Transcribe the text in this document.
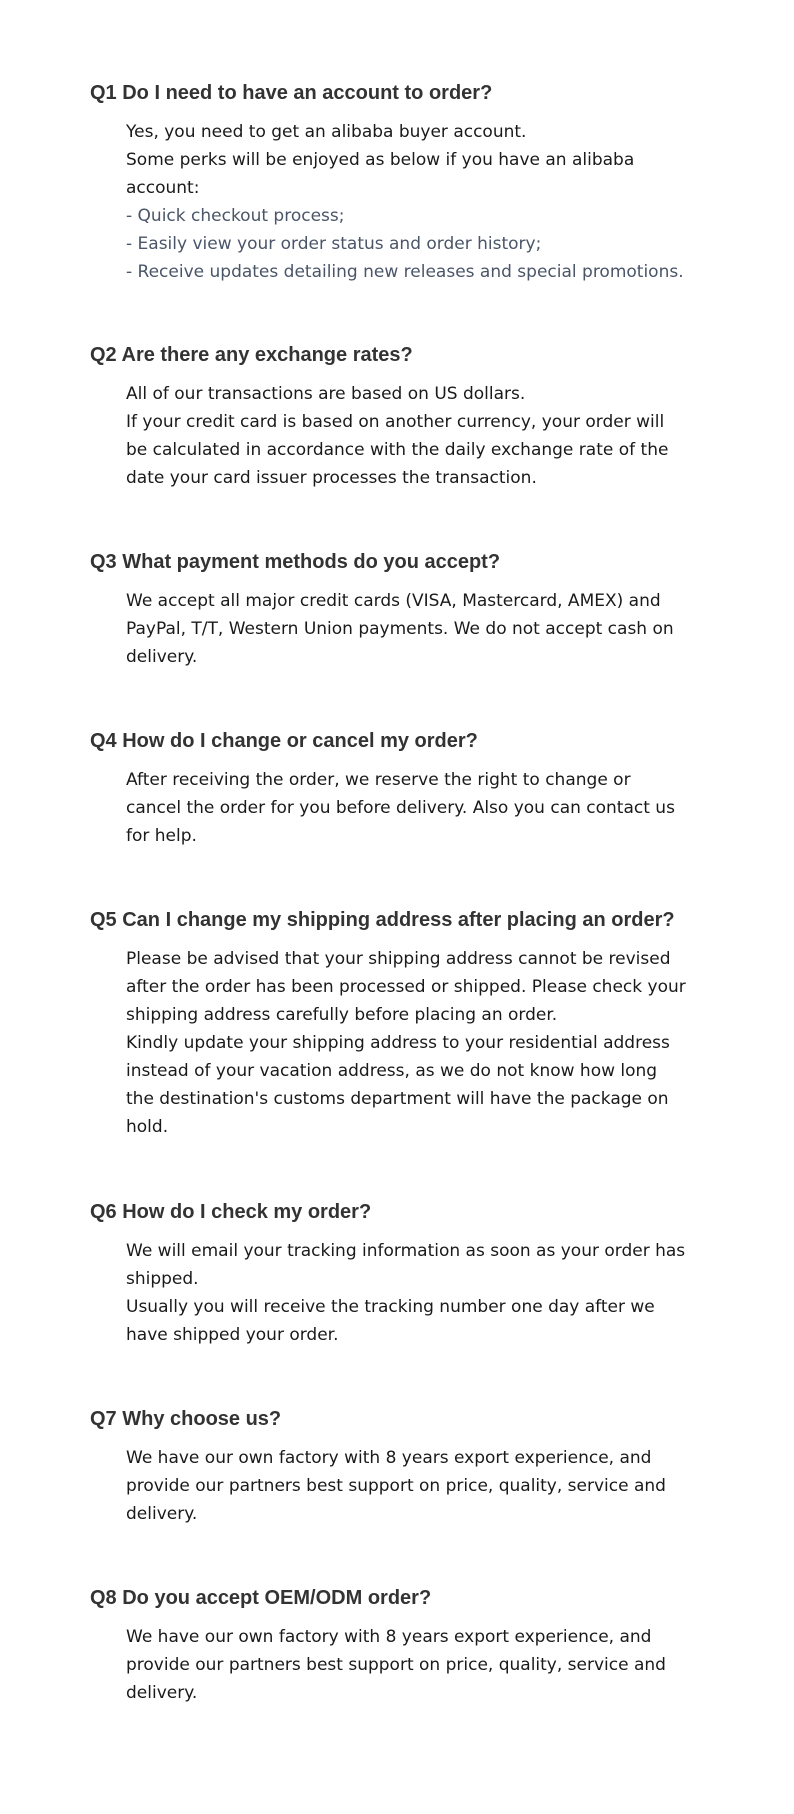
Q1 Do I need to have an account to order?
Yes, you need to get an alibaba buyer account.
Some perks will be enjoyed as below if you have an alibaba
account:
- Quick checkout process;
- Easily view your order status and order history;
- Receive updates detailing new releases and special promotions.
Q2 Are there any exchange rates?
All of our transactions are based on US dollars.
If your credit card is based on another currency, your order will
be calculated in accordance with the daily exchange rate of the
date your card issuer processes the transaction.
Q3 What payment methods do you accept?
We accept all major credit cards (VISA, Mastercard, AMEX) and
PayPal, T/T, Western Union payments. We do not accept cash on
delivery.
Q4 How do I change or cancel my order?
After receiving the order, we reserve the right to change or
cancel the order for you before delivery. Also you can contact us
for help.
Q5 Can I change my shipping address after placing an order?
Please be advised that your shipping address cannot be revised
after the order has been processed or shipped. Please check your
shipping address carefully before placing an order.
Kindly update your shipping address to your residential address
instead of your vacation address, as we do not know how long
the destination's customs department will have the package on
hold.
Q6 How do I check my order?
We will email your tracking information as soon as your order has
shipped.
Usually you will receive the tracking number one day after we
have shipped your order.
Q7 Why choose us?
We have our own factory with 8 years export experience, and
provide our partners best support on price, quality, service and
delivery.
Q8 Do you accept OEM/ODM order?
We have our own factory with 8 years export experience, and
provide our partners best support on price, quality, service and
delivery.
